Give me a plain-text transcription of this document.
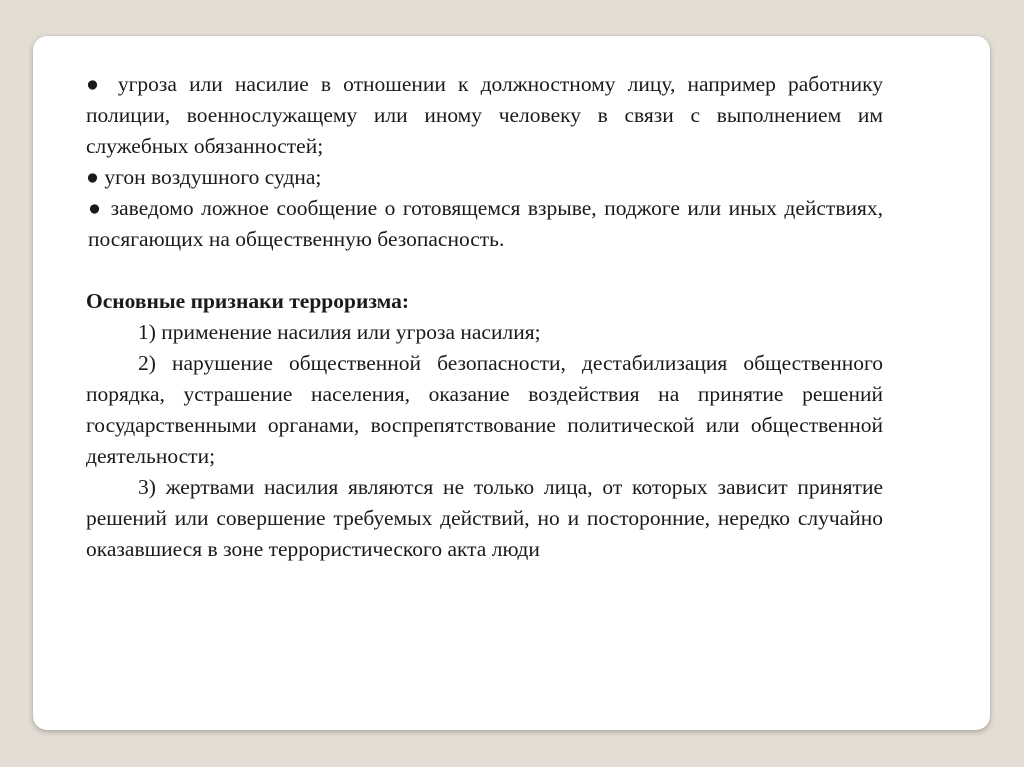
● угроза или насилие в отношении к должностному лицу, например работнику полиции, военнослужащему или иному человеку в связи с выполнением им служебных обязанностей;

● угон воздушного судна;

● заведомо ложное сообщение о готовящемся взрыве, поджоге или иных действиях, посягающих на общественную безопасность.

Основные признаки терроризма:

1) применение насилия или угроза насилия;

2) нарушение общественной безопасности, дестабилизация общественного порядка, устрашение населения, оказание воздействия на принятие решений государственными органами, воспрепятствование политической или общественной деятельности;

3) жертвами насилия являются не только лица, от которых зависит принятие решений или совершение требуемых действий, но и посторонние, нередко случайно оказавшиеся в зоне террористического акта люди
